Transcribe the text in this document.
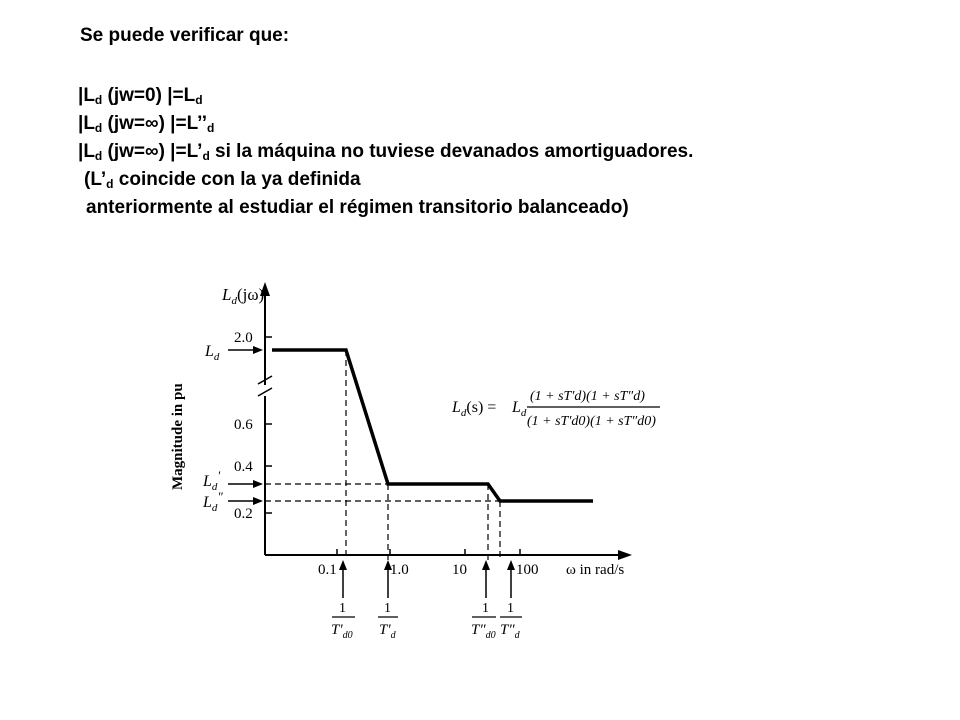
Se puede verificar que:
$|L_d$ (jw=0) $|=L_d$
$|L_d$ (jw=∞) $|=L’’_d$
$|L_d$ (jw=∞) $|=L’_d$ si la máquina no tuviese devanados amortiguadores.
($L’_d$ coincide con la ya definida
anteriormente al estudiar el régimen transitorio balanceado)
$L_d(j\omega)$
Magnitude in pu
2.0
0.6
0.4
0.2
$L_d$
$L_d'$
$L_d''$
0.1	1.0	10	100 ω in rad/s
$L_d(s) = L_d$
(1 + sT′d)(1 + sT″d)
(1 + sT′d0)(1 + sT″d0)
1
$T'_{d0}$
1
$T'_d$
1
$T''_{d0}$
1
$T''_d$
